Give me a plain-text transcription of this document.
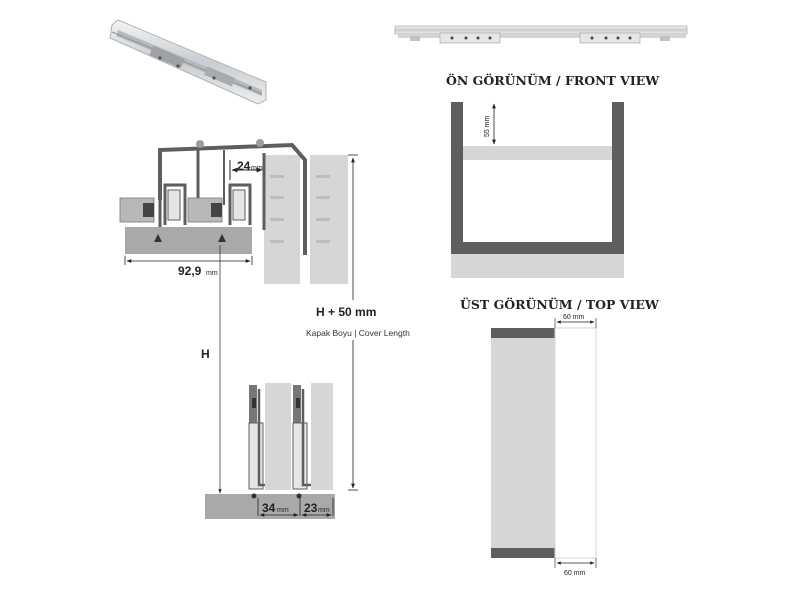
24 mm
92,9 mm
H
H + 50 mm
Kapak Boyu | Cover Length
34 mm 23 mm
ÖN GÖRÜNÜM / FRONT VIEW
55 mm
ÜST GÖRÜNÜM / TOP VIEW
60 mm
60 mm
